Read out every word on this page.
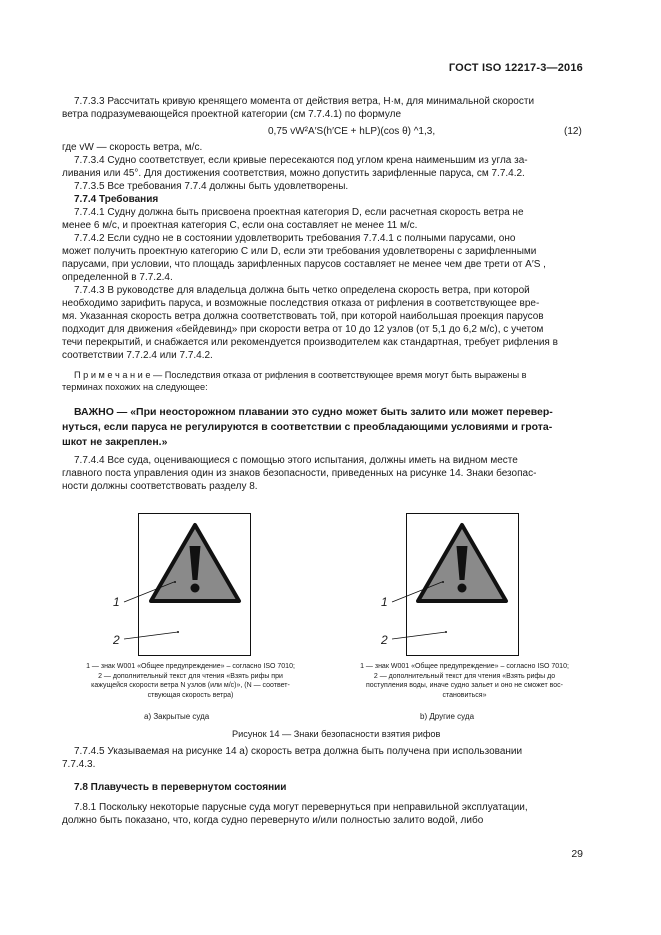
ГОСТ ISO 12217-3—2016
7.7.3.3 Рассчитать кривую кренящего момента от действия ветра, H·м, для минимальной скорости
ветра подразумевающейся проектной категории (см 7.7.4.1) по формуле
0,75 vW²A′S(h′CE + hLP)(cos θ) ^1,3,	(12)
где vW — скорость ветра, м/с.
7.7.3.4 Судно соответствует, если кривые пересекаются под углом крена наименьшим из угла за-
ливания или 45°. Для достижения соответствия, можно допустить зарифленные паруса, см 7.7.4.2.
7.7.3.5 Все требования 7.7.4 должны быть удовлетворены.
7.7.4 Требования
7.7.4.1 Судну должна быть присвоена проектная категория D, если расчетная скорость ветра не
менее 6 м/с, и проектная категория С, если она составляет не менее 11 м/с.
7.7.4.2 Если судно не в состоянии удовлетворить требования 7.7.4.1 с полными парусами, оно
может получить проектную категорию С или D, если эти требования удовлетворены с зарифленными
парусами, при условии, что площадь зарифленных парусов составляет не менее чем две трети от A′S ,
определенной в 7.7.2.4.
7.7.4.3 В руководстве для владельца должна быть четко определена скорость ветра, при которой
необходимо зарифить паруса, и возможные последствия отказа от рифления в соответствующее вре-
мя. Указанная скорость ветра должна соответствовать той, при которой наибольшая проекция парусов
подходит для движения «бейдевинд» при скорости ветра от 10 до 12 узлов (от 5,1 до 6,2 м/с), с учетом
течи перекрытий, и снабжается или рекомендуется производителем как стандартная, требует рифления в
соответствии 7.7.2.4 или 7.7.4.2.
П р и м е ч а н и е — Последствия отказа от рифления в соответствующее время могут быть выражены в
терминах похожих на следующее:
ВАЖНО — «При неосторожном плавании это судно может быть залито или может перевер-
нуться, если паруса не регулируются в соответствии с преобладающими условиями и грота-
шкот не закреплен.»
7.7.4.4 Все суда, оценивающиеся с помощью этого испытания, должны иметь на видном месте
главного поста управления один из знаков безопасности, приведенных на рисунке 14. Знаки безопас-
ности должны соответствовать разделу 8.
1
2
1
2
1 — знак W001 «Общее предупреждение» – согласно ISO 7010;
2 — дополнительный текст для чтения «Взять рифы при
кажущейся скорости ветра N узлов (или м/с)», (N — соответ-
ствующая скорость ветра)
1 — знак W001 «Общее предупреждение» – согласно ISO 7010;
2 — дополнительный текст для чтения «Взять рифы до
поступления воды, иначе судно зальет и оно не сможет вос-
становиться»
а) Закрытые суда	b) Другие суда
Рисунок 14 — Знаки безопасности взятия рифов
7.7.4.5 Указываемая на рисунке 14 а) скорость ветра должна быть получена при использовании
7.7.4.3.
7.8 Плавучесть в перевернутом состоянии
7.8.1 Поскольку некоторые парусные суда могут перевернуться при неправильной эксплуатации,
должно быть показано, что, когда судно перевернуто и/или полностью залито водой, либо
29
